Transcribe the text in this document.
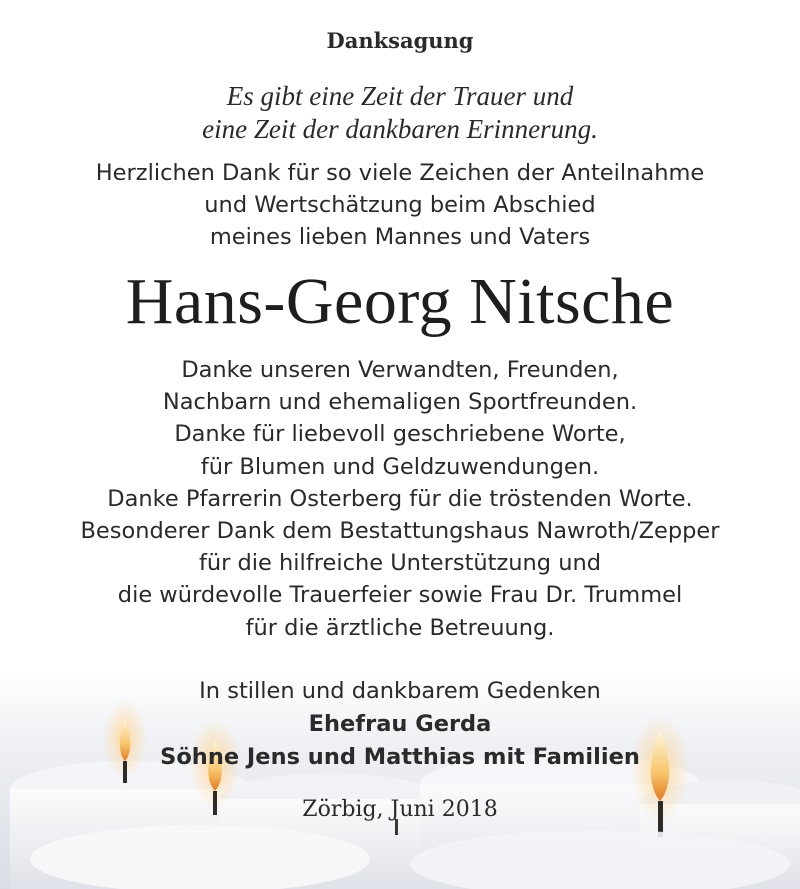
Danksagung
Es gibt eine Zeit der Trauer und
eine Zeit der dankbaren Erinnerung.
Herzlichen Dank für so viele Zeichen der Anteilnahme
und Wertschätzung beim Abschied
meines lieben Mannes und Vaters
Hans-Georg Nitsche
Danke unseren Verwandten, Freunden,
Nachbarn und ehemaligen Sportfreunden.
Danke für liebevoll geschriebene Worte,
für Blumen und Geldzuwendungen.
Danke Pfarrerin Osterberg für die tröstenden Worte.
Besonderer Dank dem Bestattungshaus Nawroth/Zepper
für die hilfreiche Unterstützung und
die würdevolle Trauerfeier sowie Frau Dr. Trummel
für die ärztliche Betreuung.
In stillen und dankbarem Gedenken
Ehefrau Gerda
Söhne Jens und Matthias mit Familien
Zörbig, Juni 2018
